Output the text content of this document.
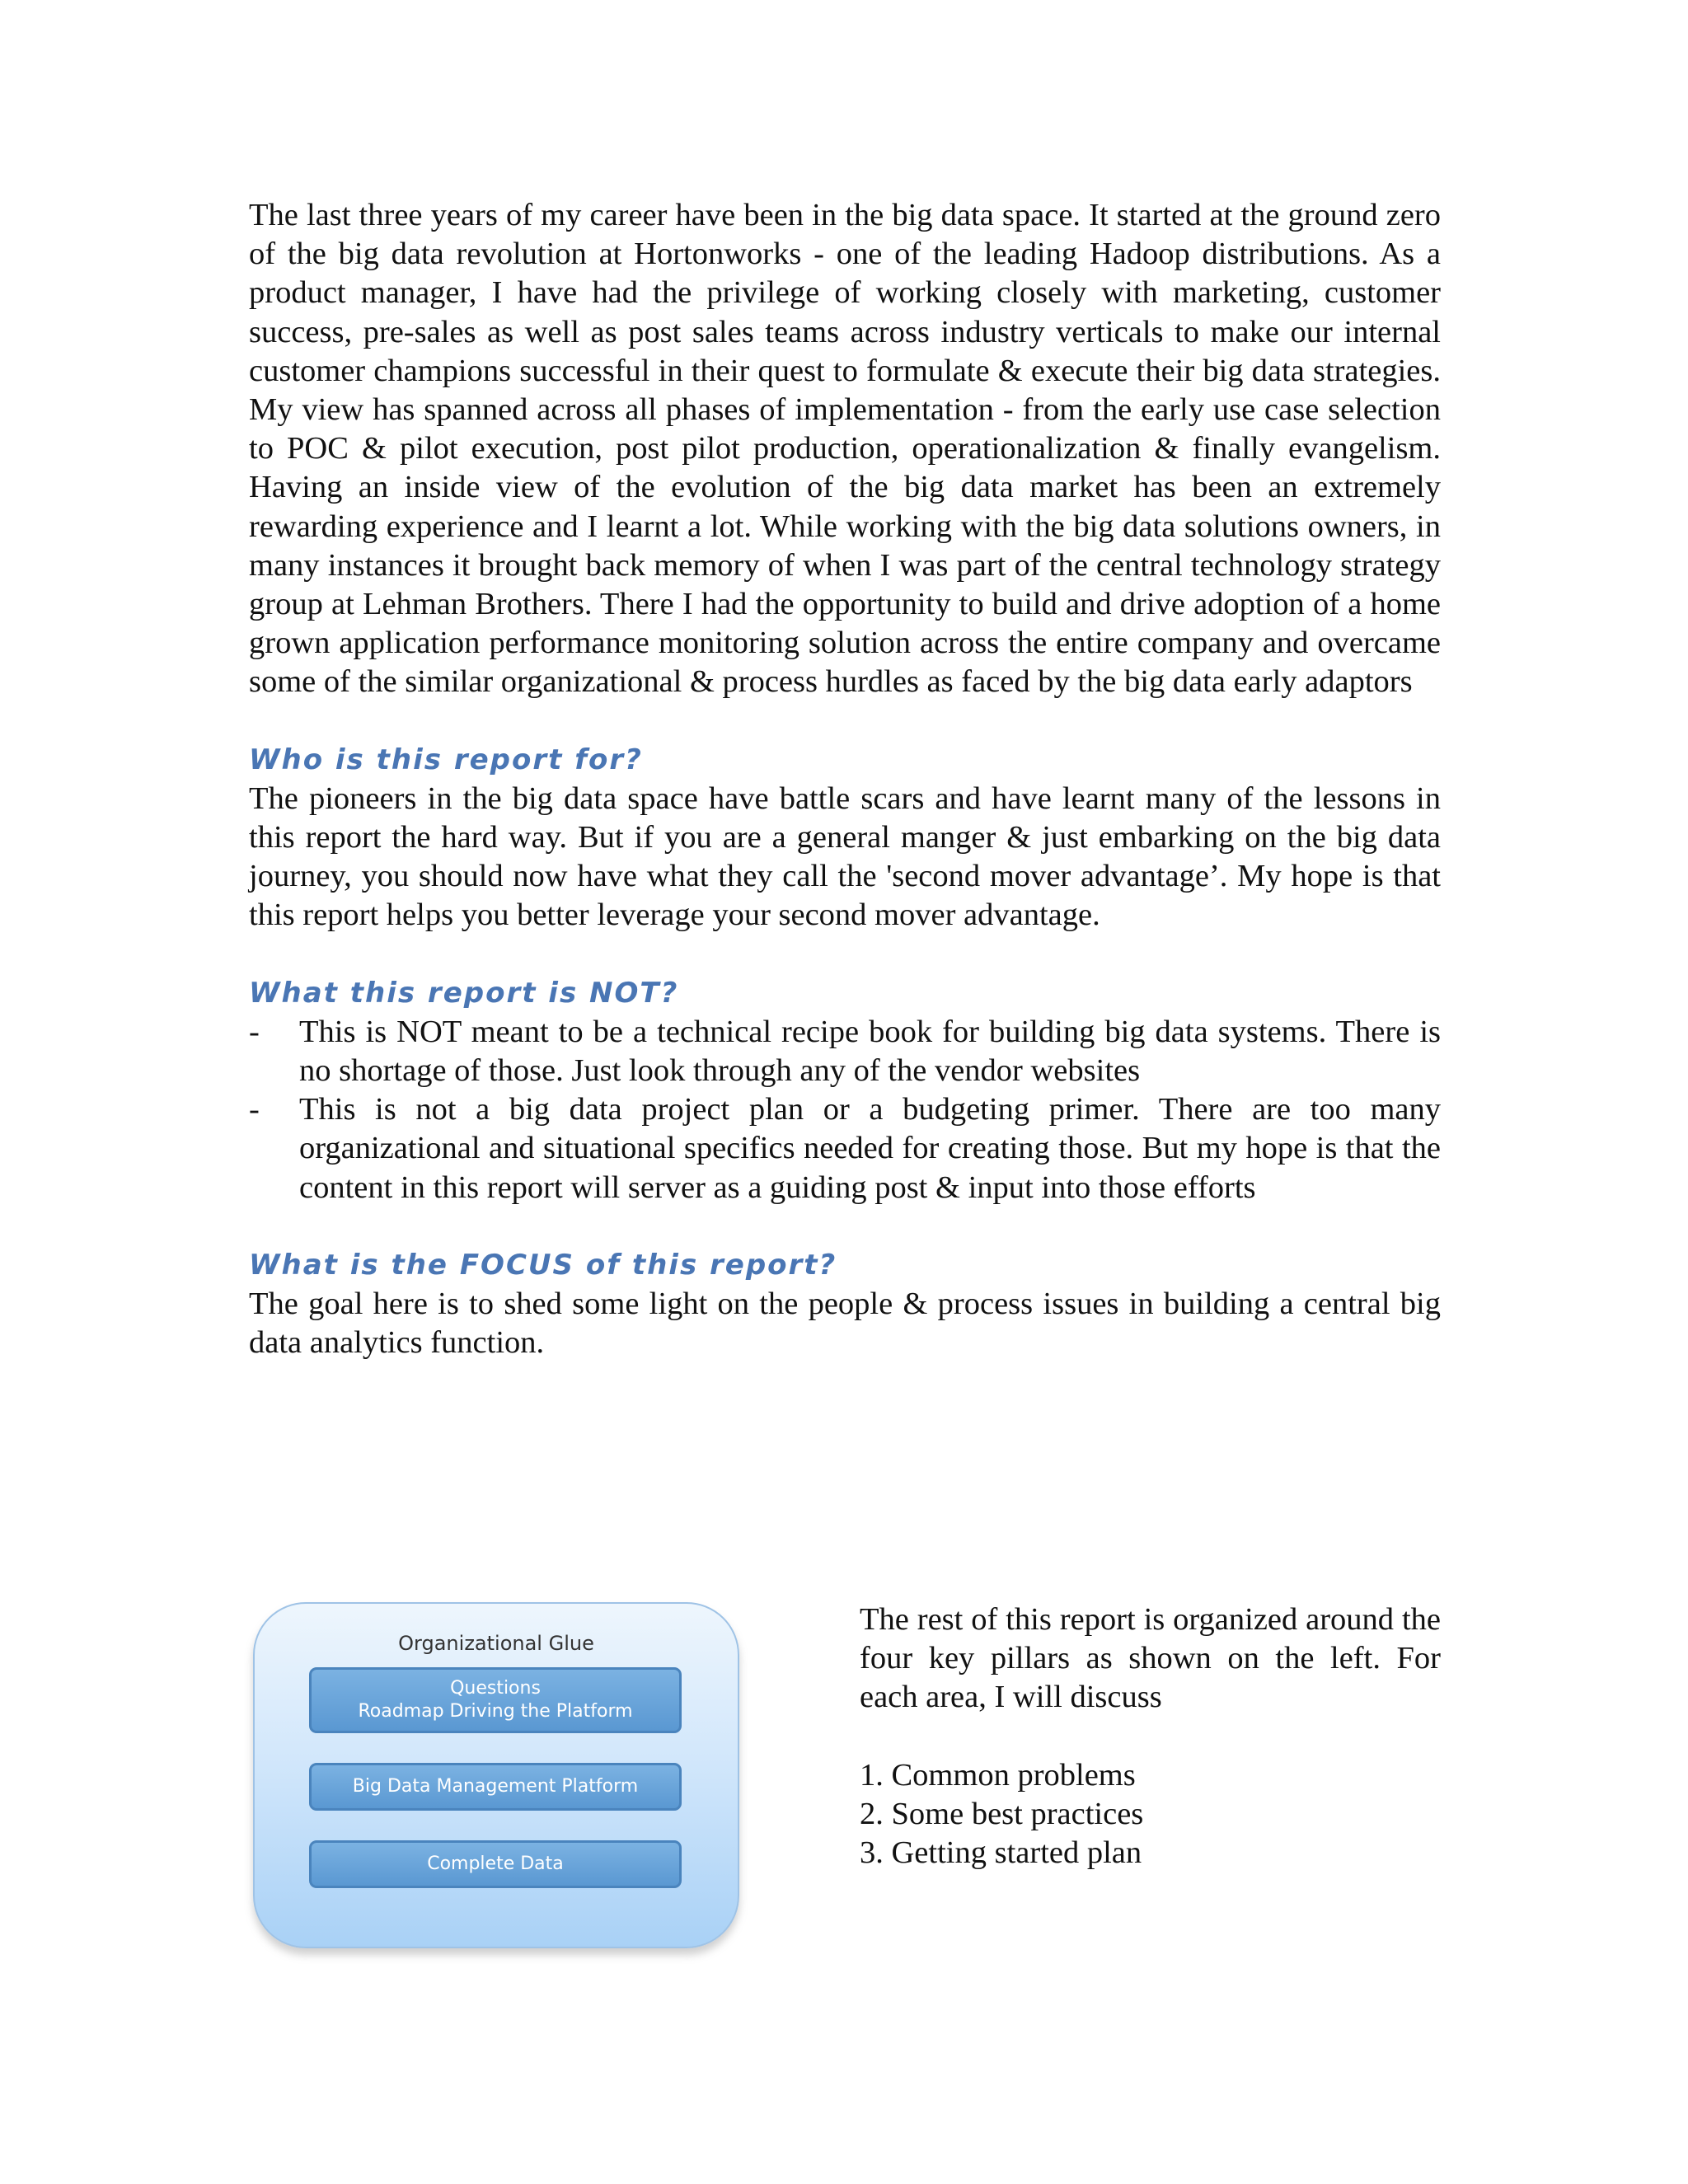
The last three years of my career have been in the big data space. It started at the ground zero of the big data revolution at Hortonworks - one of the leading Hadoop distributions. As a product manager, I have had the privilege of working closely with marketing, customer success, pre-sales as well as post sales teams across industry verticals to make our internal customer champions successful in their quest to formulate & execute their big data strategies. My view has spanned across all phases of implementation - from the early use case selection to POC & pilot execution, post pilot production, operationalization & finally evangelism. Having an inside view of the evolution of the big data market has been an extremely rewarding experience and I learnt a lot. While working with the big data solutions owners, in many instances it brought back memory of when I was part of the central technology strategy group at Lehman Brothers. There I had the opportunity to build and drive adoption of a home grown application performance monitoring solution across the entire company and overcame some of the similar organizational & process hurdles as faced by the big data early adaptors

Who is this report for?

The pioneers in the big data space have battle scars and have learnt many of the lessons in this report the hard way. But if you are a general manger & just embarking on the big data journey, you should now have what they call the 'second mover advantage’. My hope is that this report helps you better leverage your second mover advantage.

What this report is NOT?
- This is NOT meant to be a technical recipe book for building big data systems. There is no shortage of those. Just look through any of the vendor websites
- This is not a big data project plan or a budgeting primer. There are too many organizational and situational specifics needed for creating those. But my hope is that the content in this report will server as a guiding post & input into those efforts
What is the FOCUS of this report?

The goal here is to shed some light on the people & process issues in building a central big data analytics function.

Organizational Glue
Questions
Roadmap Driving the Platform
Big Data Management Platform
Complete Data

The rest of this report is organized around the four key pillars as shown on the left. For each area, I will discuss

1. Common problems
2. Some best practices
3. Getting started plan
